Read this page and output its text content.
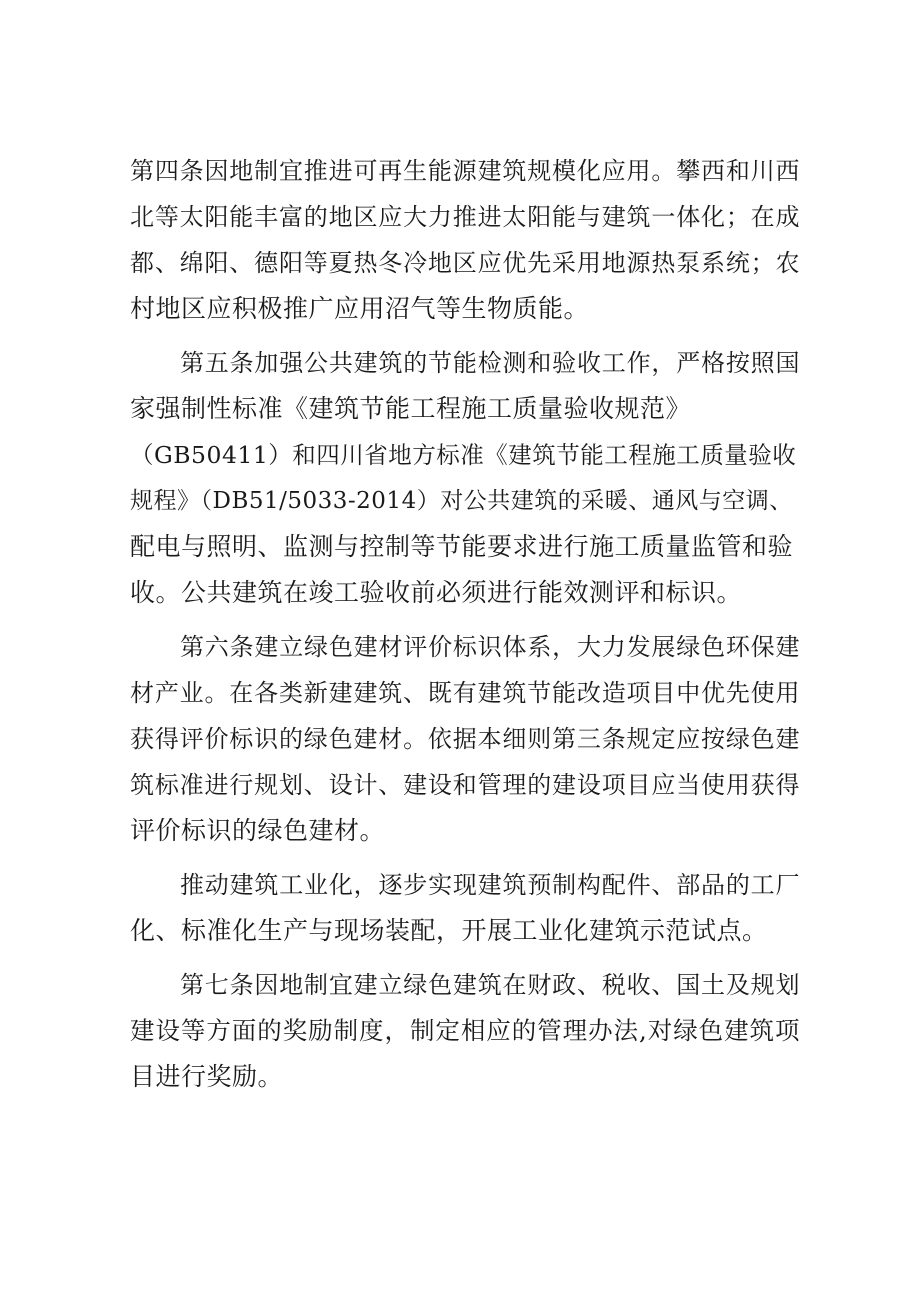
第四条因地制宜推进可再生能源建筑规模化应用。攀西和川西
北等太阳能丰富的地区应大力推进太阳能与建筑一体化；在成
都、绵阳、德阳等夏热冬冷地区应优先采用地源热泵系统；农
村地区应积极推广应用沼气等生物质能。
第五条加强公共建筑的节能检测和验收工作，严格按照国
家强制性标准《建筑节能工程施工质量验收规范》
（GB50411）和四川省地方标准《建筑节能工程施工质量验收
规程》（DB51/5033-2014）对公共建筑的采暖、通风与空调、
配电与照明、监测与控制等节能要求进行施工质量监管和验
收。公共建筑在竣工验收前必须进行能效测评和标识。
第六条建立绿色建材评价标识体系，大力发展绿色环保建
材产业。在各类新建建筑、既有建筑节能改造项目中优先使用
获得评价标识的绿色建材。依据本细则第三条规定应按绿色建
筑标准进行规划、设计、建设和管理的建设项目应当使用获得
评价标识的绿色建材。
推动建筑工业化，逐步实现建筑预制构配件、部品的工厂
化、标准化生产与现场装配，开展工业化建筑示范试点。
第七条因地制宜建立绿色建筑在财政、税收、国土及规划
建设等方面的奖励制度，制定相应的管理办法,对绿色建筑项
目进行奖励。
